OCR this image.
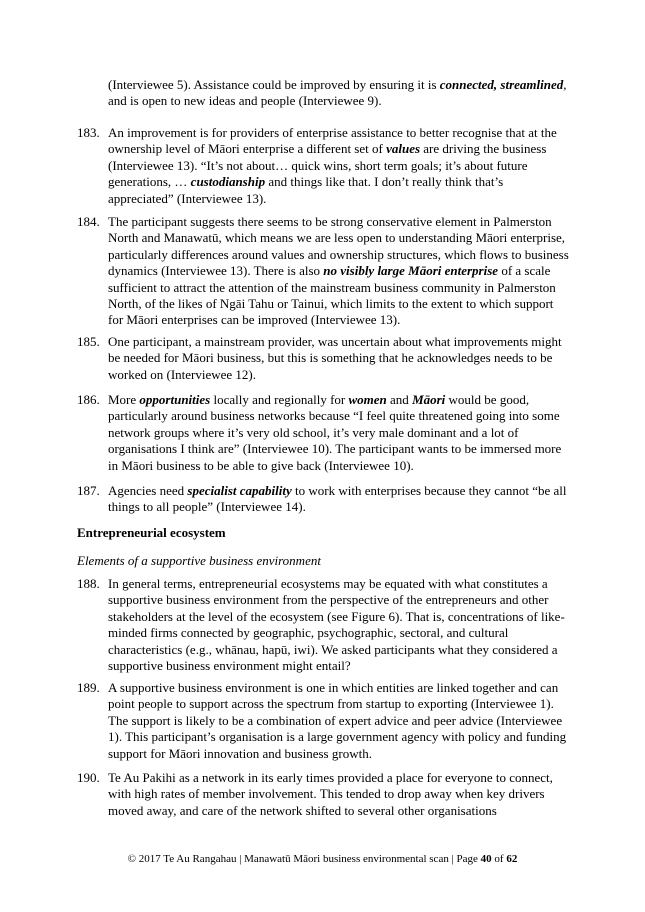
(Interviewee 5). Assistance could be improved by ensuring it is connected, streamlined, and is open to new ideas and people (Interviewee 9).
183. An improvement is for providers of enterprise assistance to better recognise that at the ownership level of Māori enterprise a different set of values are driving the business (Interviewee 13). “It’s not about… quick wins, short term goals; it’s about future generations, … custodianship and things like that. I don’t really think that’s appreciated” (Interviewee 13).
184. The participant suggests there seems to be strong conservative element in Palmerston North and Manawatū, which means we are less open to understanding Māori enterprise, particularly differences around values and ownership structures, which flows to business dynamics (Interviewee 13). There is also no visibly large Māori enterprise of a scale sufficient to attract the attention of the mainstream business community in Palmerston North, of the likes of Ngāi Tahu or Tainui, which limits to the extent to which support for Māori enterprises can be improved (Interviewee 13).
185. One participant, a mainstream provider, was uncertain about what improvements might be needed for Māori business, but this is something that he acknowledges needs to be worked on (Interviewee 12).
186. More opportunities locally and regionally for women and Māori would be good, particularly around business networks because “I feel quite threatened going into some network groups where it’s very old school, it’s very male dominant and a lot of organisations I think are” (Interviewee 10). The participant wants to be immersed more in Māori business to be able to give back (Interviewee 10).
187. Agencies need specialist capability to work with enterprises because they cannot “be all things to all people” (Interviewee 14).
Entrepreneurial ecosystem
Elements of a supportive business environment
188. In general terms, entrepreneurial ecosystems may be equated with what constitutes a supportive business environment from the perspective of the entrepreneurs and other stakeholders at the level of the ecosystem (see Figure 6). That is, concentrations of like-minded firms connected by geographic, psychographic, sectoral, and cultural characteristics (e.g., whānau, hapū, iwi). We asked participants what they considered a supportive business environment might entail?
189. A supportive business environment is one in which entities are linked together and can point people to support across the spectrum from startup to exporting (Interviewee 1). The support is likely to be a combination of expert advice and peer advice (Interviewee 1). This participant’s organisation is a large government agency with policy and funding support for Māori innovation and business growth.
190. Te Au Pakihi as a network in its early times provided a place for everyone to connect, with high rates of member involvement. This tended to drop away when key drivers moved away, and care of the network shifted to several other organisations
© 2017 Te Au Rangahau | Manawatū Māori business environmental scan | Page 40 of 62
